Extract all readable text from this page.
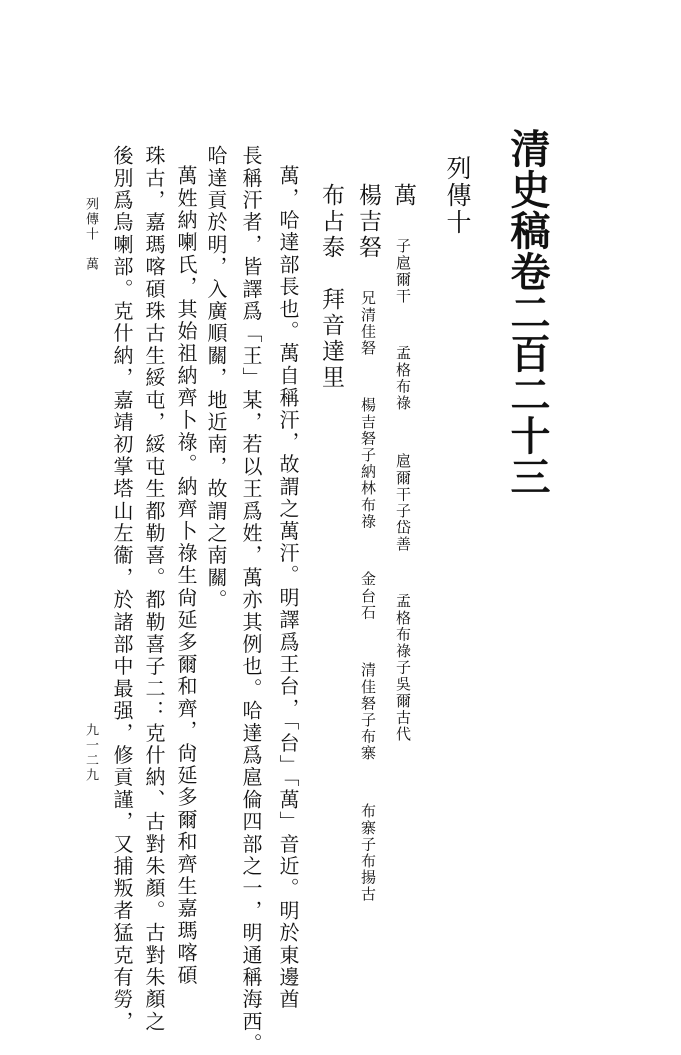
清史稿卷二百二十三
列傳十
萬 子扈爾干 孟格布祿 扈爾干子岱善 孟格布祿子吳爾古代
楊吉砮 兄清佳砮 楊吉砮子納林布祿 金台石 清佳砮子布寨 布寨子布揚古
布占泰　拜音達里
萬，哈達部長也。萬自稱汗，故謂之萬汗。明譯爲王台，「台」「萬」音近。明於東邊酋
長稱汗者，皆譯爲「王」某，若以王爲姓，萬亦其例也。哈達爲扈倫四部之一，明通稱海西。
哈達貢於明，入廣順關，地近南，故謂之南關。
萬姓納喇氏，其始祖納齊卜祿。納齊卜祿生尙延多爾和齊，尙延多爾和齊生嘉瑪喀碩
珠古，嘉瑪喀碩珠古生綏屯，綏屯生都勒喜。都勒喜子二：克什納、古對朱顏。古對朱顏之
後別爲烏喇部。克什納，嘉靖初掌塔山左衞，於諸部中最强，修貢謹，又捕叛者猛克有勞，
列傳十　萬
九一二九
